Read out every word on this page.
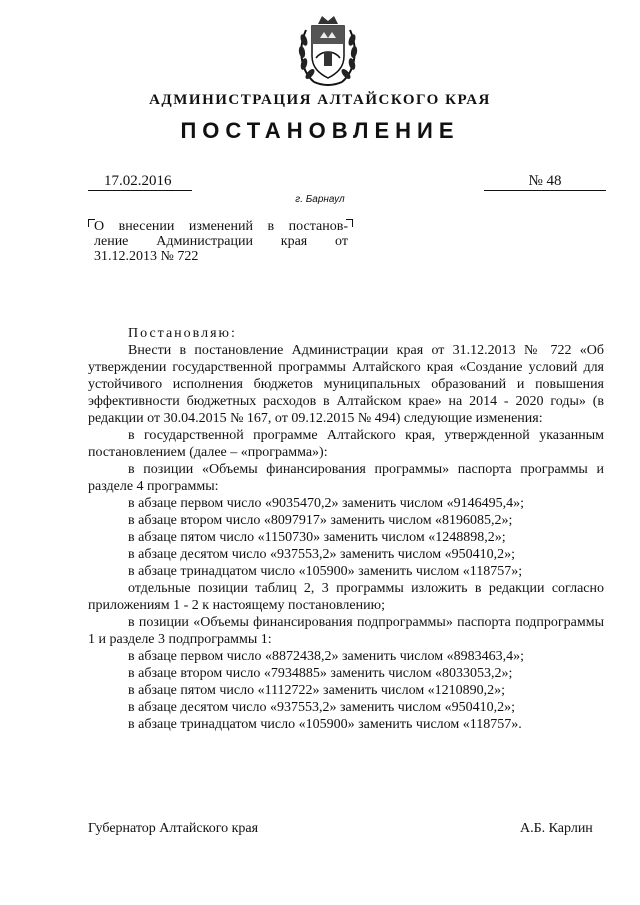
АДМИНИСТРАЦИЯ АЛТАЙСКОГО КРАЯ
ПОСТАНОВЛЕНИЕ
17.02.2016	№ 48
г. Барнаул
О внесении изменений в постанов-
ление Администрации края от
31.12.2013 № 722

Постановляю:

Внести в постановление Администрации края от 31.12.2013 № 722 «Об утверждении государственной программы Алтайского края «Создание условий для устойчивого исполнения бюджетов муниципальных образований и повышения эффективности бюджетных расходов в Алтайском крае» на 2014 - 2020 годы» (в редакции от 30.04.2015 № 167, от 09.12.2015 № 494) следующие изменения:

в государственной программе Алтайского края, утвержденной указанным постановлением (далее – «программа»):

в позиции «Объемы финансирования программы» паспорта программы и разделе 4 программы:

в абзаце первом число «9035470,2» заменить числом «9146495,4»;

в абзаце втором число «8097917» заменить числом «8196085,2»;

в абзаце пятом число «1150730» заменить числом «1248898,2»;

в абзаце десятом число «937553,2» заменить числом «950410,2»;

в абзаце тринадцатом число «105900» заменить числом «118757»;

отдельные позиции таблиц 2, 3 программы изложить в редакции согласно приложениям 1 - 2 к настоящему постановлению;

в позиции «Объемы финансирования подпрограммы» паспорта подпрограммы 1 и разделе 3 подпрограммы 1:

в абзаце первом число «8872438,2» заменить числом «8983463,4»;

в абзаце втором число «7934885» заменить числом «8033053,2»;

в абзаце пятом число «1112722» заменить числом «1210890,2»;

в абзаце десятом число «937553,2» заменить числом «950410,2»;

в абзаце тринадцатом число «105900» заменить числом «118757».

Губернатор Алтайского края	А.Б. Карлин
